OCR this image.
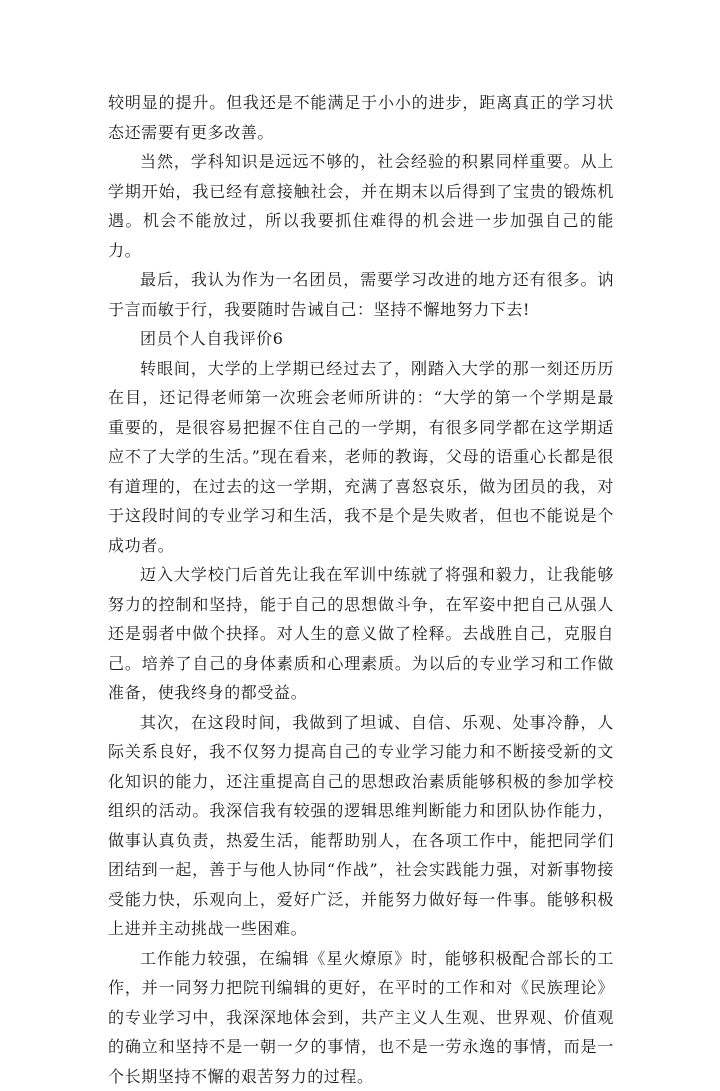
较明显的提升。但我还是不能满足于小小的进步，距离真正的学习状态还需要有更多改善。

当然，学科知识是远远不够的，社会经验的积累同样重要。从上学期开始，我已经有意接触社会，并在期末以后得到了宝贵的锻炼机遇。机会不能放过，所以我要抓住难得的机会进一步加强自己的能力。

最后，我认为作为一名团员，需要学习改进的地方还有很多。讷于言而敏于行，我要随时告诫自己：坚持不懈地努力下去!

团员个人自我评价6

转眼间，大学的上学期已经过去了，刚踏入大学的那一刻还历历在目，还记得老师第一次班会老师所讲的：“大学的第一个学期是最重要的，是很容易把握不住自己的一学期，有很多同学都在这学期适应不了大学的生活。”现在看来，老师的教诲，父母的语重心长都是很有道理的，在过去的这一学期，充满了喜怒哀乐，做为团员的我，对于这段时间的专业学习和生活，我不是个是失败者，但也不能说是个成功者。

迈入大学校门后首先让我在军训中练就了将强和毅力，让我能够努力的控制和坚持，能于自己的思想做斗争，在军姿中把自己从强人还是弱者中做个抉择。对人生的意义做了栓释。去战胜自己，克服自己。培养了自己的身体素质和心理素质。为以后的专业学习和工作做准备，使我终身的都受益。

其次，在这段时间，我做到了坦诚、自信、乐观、处事冷静，人际关系良好，我不仅努力提高自己的专业学习能力和不断接受新的文化知识的能力，还注重提高自己的思想政治素质能够积极的参加学校组织的活动。我深信我有较强的逻辑思维判断能力和团队协作能力，做事认真负责，热爱生活，能帮助别人，在各项工作中，能把同学们团结到一起，善于与他人协同“作战”，社会实践能力强，对新事物接受能力快，乐观向上，爱好广泛，并能努力做好每一件事。能够积极上进并主动挑战一些困难。

工作能力较强，在编辑《星火燎原》时，能够积极配合部长的工作，并一同努力把院刊编辑的更好，在平时的工作和对《民族理论》的专业学习中，我深深地体会到，共产主义人生观、世界观、价值观的确立和坚持不是一朝一夕的事情，也不是一劳永逸的事情，而是一个长期坚持不懈的艰苦努力的过程。
